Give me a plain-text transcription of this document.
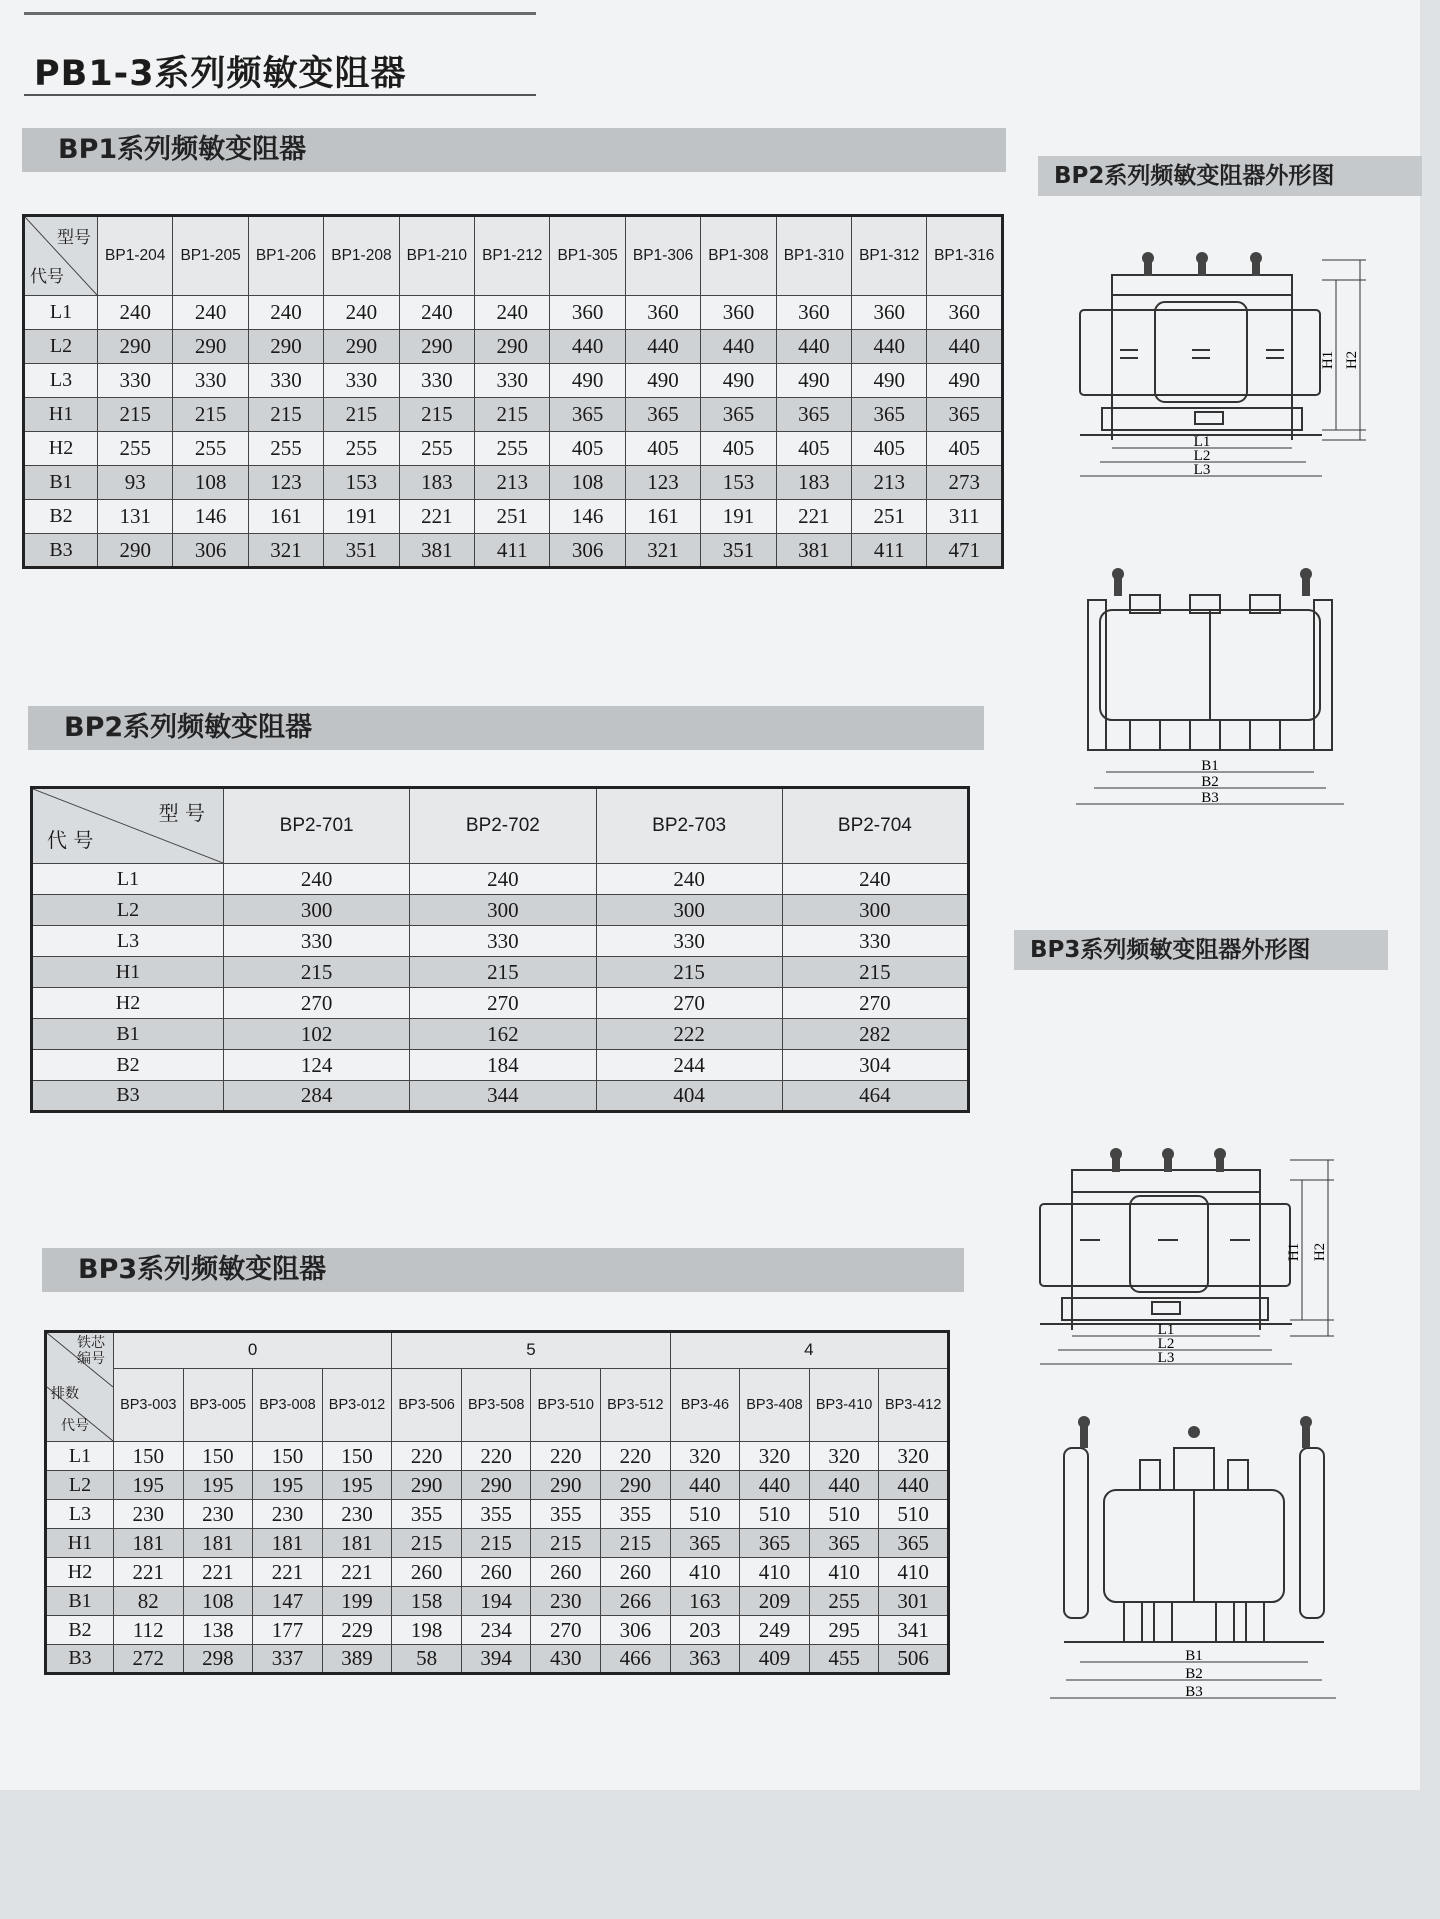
PB1-3系列频敏变阻器
BP1系列频敏变阻器
型号
代号	BP1-204	BP1-205	BP1-206	BP1-208	BP1-210	BP1-212	BP1-305	BP1-306	BP1-308	BP1-310	BP1-312	BP1-316
L1	240	240	240	240	240	240	360	360	360	360	360	360
L2	290	290	290	290	290	290	440	440	440	440	440	440
L3	330	330	330	330	330	330	490	490	490	490	490	490
H1	215	215	215	215	215	215	365	365	365	365	365	365
H2	255	255	255	255	255	255	405	405	405	405	405	405
B1	93	108	123	153	183	213	108	123	153	183	213	273
B2	131	146	161	191	221	251	146	161	191	221	251	311
B3	290	306	321	351	381	411	306	321	351	381	411	471
BP2系列频敏变阻器
型 号
代 号	BP2-701	BP2-702	BP2-703	BP2-704
L1	240	240	240	240
L2	300	300	300	300
L3	330	330	330	330
H1	215	215	215	215
H2	270	270	270	270
B1	102	162	222	282
B2	124	184	244	304
B3	284	344	404	464
BP3系列频敏变阻器
铁芯编号
排数
代号	0				5				4			
	BP3-003	BP3-005	BP3-008	BP3-012	BP3-506	BP3-508	BP3-510	BP3-512	BP3-46	BP3-408	BP3-410	BP3-412
L1	150	150	150	150	220	220	220	220	320	320	320	320
L2	195	195	195	195	290	290	290	290	440	440	440	440
L3	230	230	230	230	355	355	355	355	510	510	510	510
H1	181	181	181	181	215	215	215	215	365	365	365	365
H2	221	221	221	221	260	260	260	260	410	410	410	410
B1	82	108	147	199	158	194	230	266	163	209	255	301
B2	112	138	177	229	198	234	270	306	203	249	295	341
B3	272	298	337	389	58	394	430	466	363	409	455	506
BP2系列频敏变阻器外形图
L1
L2
L3
H1 H2
B1
B2
B3
BP3系列频敏变阻器外形图
L1
L2
L3
H1 H2
B1
B2
B3
